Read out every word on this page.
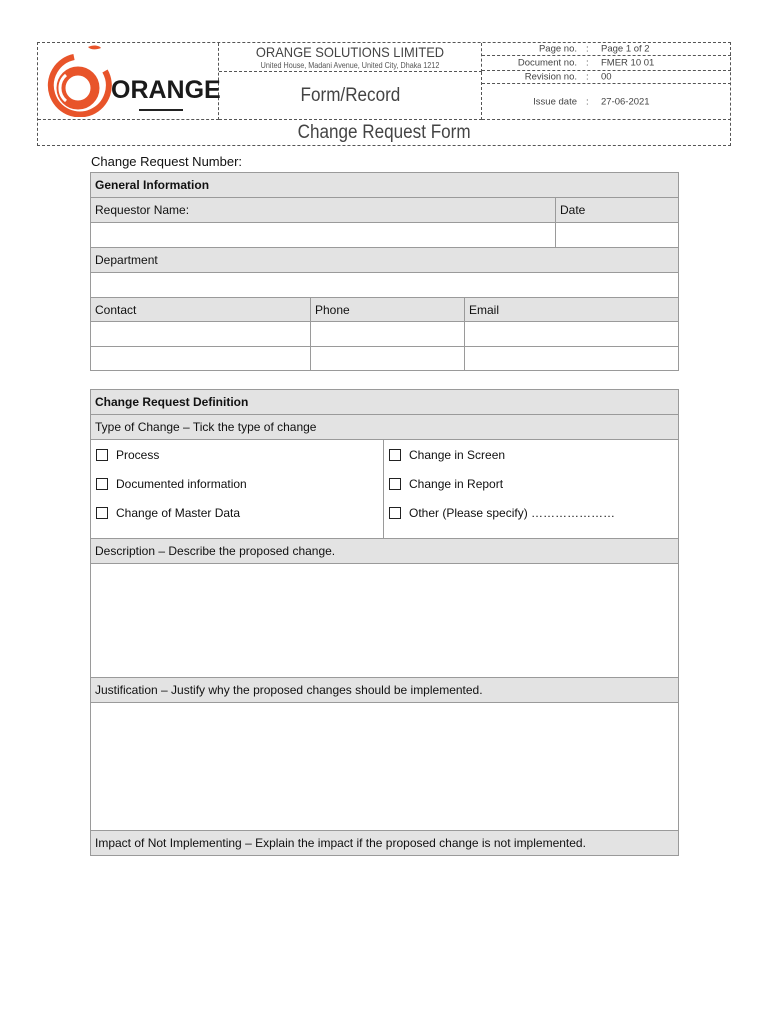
ORANGE
ORANGE SOLUTIONS LIMITED
United House, Madani Avenue, United City, Dhaka 1212
Form/Record
Page no. : Page 1 of 2
Document no. : FMER 10 01
Revision no. : 00
Issue date : 27-06-2021
Change Request Form
Change Request Number:
General Information			
Requestor Name:			Date

Department			

Contact	Phone	Email	

Change Request Definition
Type of Change – Tick the type of change

Process
Documented information
Change of Master Data

Change in Screen
Change in Report
Other (Please specify) …………………

Description – Describe the proposed change.

Justification – Justify why the proposed changes should be implemented.

Impact of Not Implementing – Explain the impact if the proposed change is not implemented.
